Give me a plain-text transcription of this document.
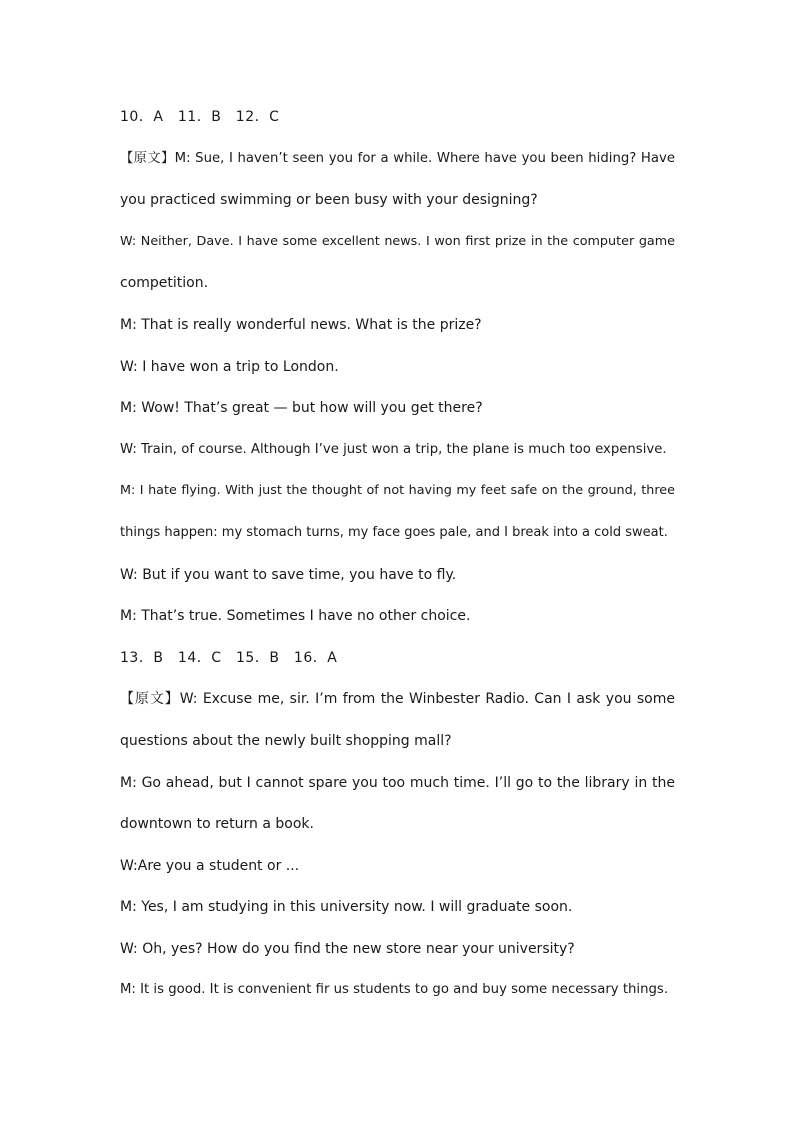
10．A　11．B　12．C
【原文】M: Sue, I haven’t seen you for a while. Where have you been hiding? Have
you practiced swimming or been busy with your designing?
W: Neither, Dave. I have some excellent news. I won first prize in the computer game
competition.
M: That is really wonderful news. What is the prize?
W: I have won a trip to London.
M: Wow! That’s great — but how will you get there?
W: Train, of course. Although I’ve just won a trip, the plane is much too expensive.
M: I hate flying. With just the thought of not having my feet safe on the ground, three
things happen: my stomach turns, my face goes pale, and I break into a cold sweat.
W: But if you want to save time, you have to fly.
M: That’s true. Sometimes I have no other choice.
13．B　14．C　15．B　16．A
【原文】W: Excuse me, sir. I’m from the Winbester Radio. Can I ask you some
questions about the newly built shopping mall?
M: Go ahead, but I cannot spare you too much time. I’ll go to the library in the
downtown to return a book.
W:Are you a student or ...
M: Yes, I am studying in this university now. I will graduate soon.
W: Oh, yes? How do you find the new store near your university?
M: It is good. It is convenient fir us students to go and buy some necessary things.
